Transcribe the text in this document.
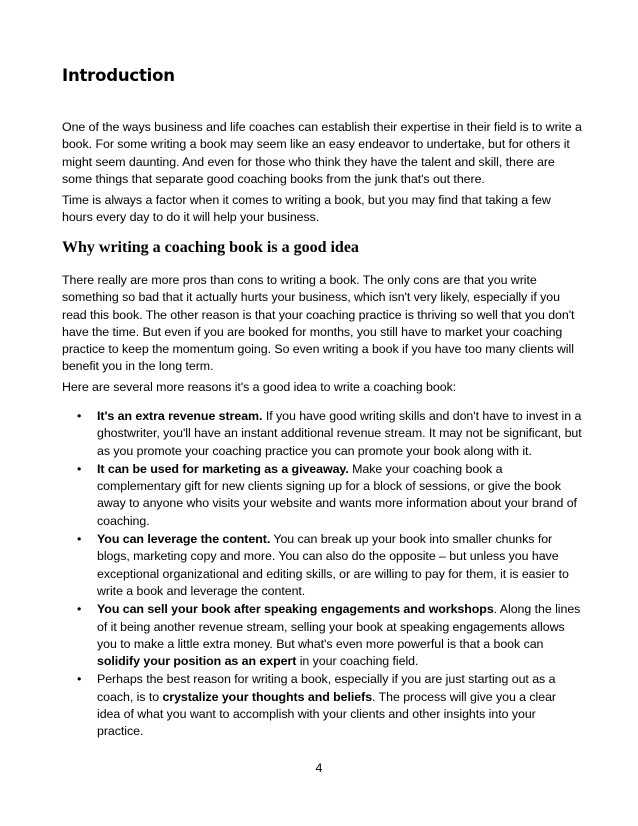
Introduction

One of the ways business and life coaches can establish their expertise in their field is to write a book. For some writing a book may seem like an easy endeavor to undertake, but for others it might seem daunting. And even for those who think they have the talent and skill, there are some things that separate good coaching books from the junk that's out there.

Time is always a factor when it comes to writing a book, but you may find that taking a few hours every day to do it will help your business.

Why writing a coaching book is a good idea

There really are more pros than cons to writing a book. The only cons are that you write something so bad that it actually hurts your business, which isn't very likely, especially if you read this book. The other reason is that your coaching practice is thriving so well that you don't have the time. But even if you are booked for months, you still have to market your coaching practice to keep the momentum going. So even writing a book if you have too many clients will benefit you in the long term.

Here are several more reasons it's a good idea to write a coaching book:

• It's an extra revenue stream. If you have good writing skills and don't have to invest in a ghostwriter, you'll have an instant additional revenue stream. It may not be significant, but as you promote your coaching practice you can promote your book along with it.
• It can be used for marketing as a giveaway. Make your coaching book a complementary gift for new clients signing up for a block of sessions, or give the book away to anyone who visits your website and wants more information about your brand of coaching.
• You can leverage the content. You can break up your book into smaller chunks for blogs, marketing copy and more. You can also do the opposite – but unless you have exceptional organizational and editing skills, or are willing to pay for them, it is easier to write a book and leverage the content.
• You can sell your book after speaking engagements and workshops. Along the lines of it being another revenue stream, selling your book at speaking engagements allows you to make a little extra money. But what's even more powerful is that a book can solidify your position as an expert in your coaching field.
• Perhaps the best reason for writing a book, especially if you are just starting out as a coach, is to crystalize your thoughts and beliefs. The process will give you a clear idea of what you want to accomplish with your clients and other insights into your practice.
4
